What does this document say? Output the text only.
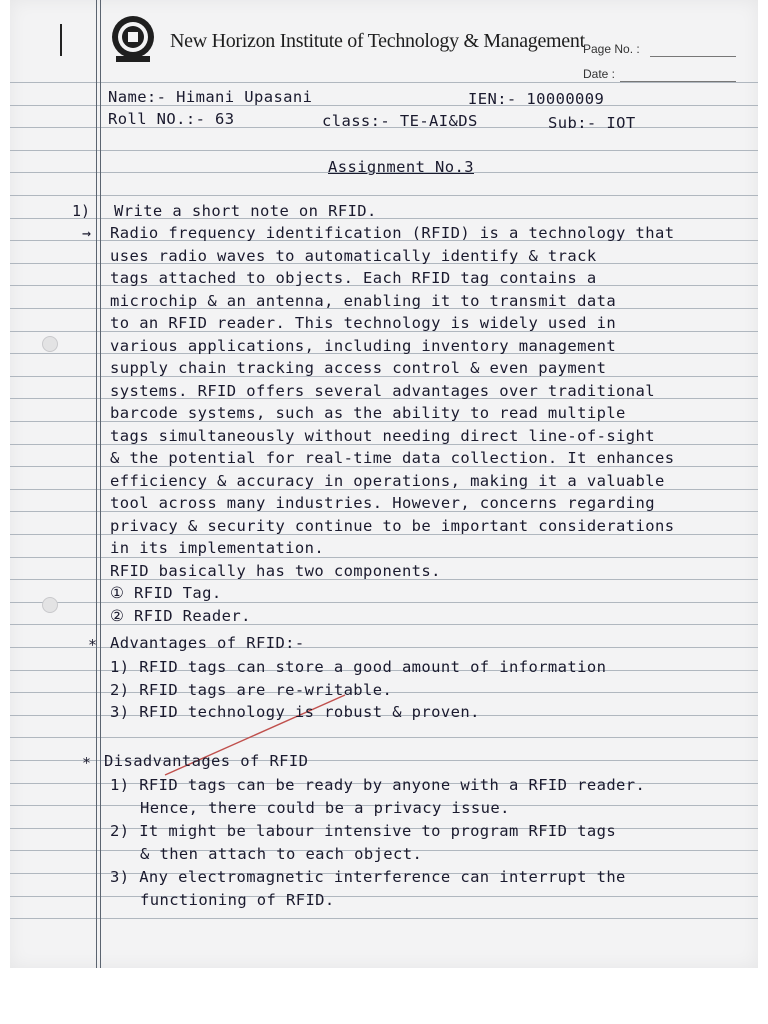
New Horizon Institute of Technology & Management
Page No. :
Date :
Name:- Himani Upasani	IEN:- 10000009
Roll NO.:- 63	class:- TE-AI&DS	Sub:- IOT
Assignment No.3
1) Write a short note on RFID.
→ Radio frequency identification (RFID) is a technology that
uses radio waves to automatically identify & track
tags attached to objects. Each RFID tag contains a
microchip & an antenna, enabling it to transmit data
to an RFID reader. This technology is widely used in
various applications, including inventory management
supply chain tracking access control & even payment
systems. RFID offers several advantages over traditional
barcode systems, such as the ability to read multiple
tags simultaneously without needing direct line-of-sight
& the potential for real-time data collection. It enhances
efficiency & accuracy in operations, making it a valuable
tool across many industries. However, concerns regarding
privacy & security continue to be important considerations
in its implementation.
RFID basically has two components.
① RFID Tag.
② RFID Reader.
* Advantages of RFID:-
1) RFID tags can store a good amount of information
2) RFID tags are re-writable.
3) RFID technology is robust & proven.
* Disadvantages of RFID
1) RFID tags can be ready by anyone with a RFID reader.
Hence, there could be a privacy issue.
2) It might be labour intensive to program RFID tags
& then attach to each object.
3) Any electromagnetic interference can interrupt the
functioning of RFID.
